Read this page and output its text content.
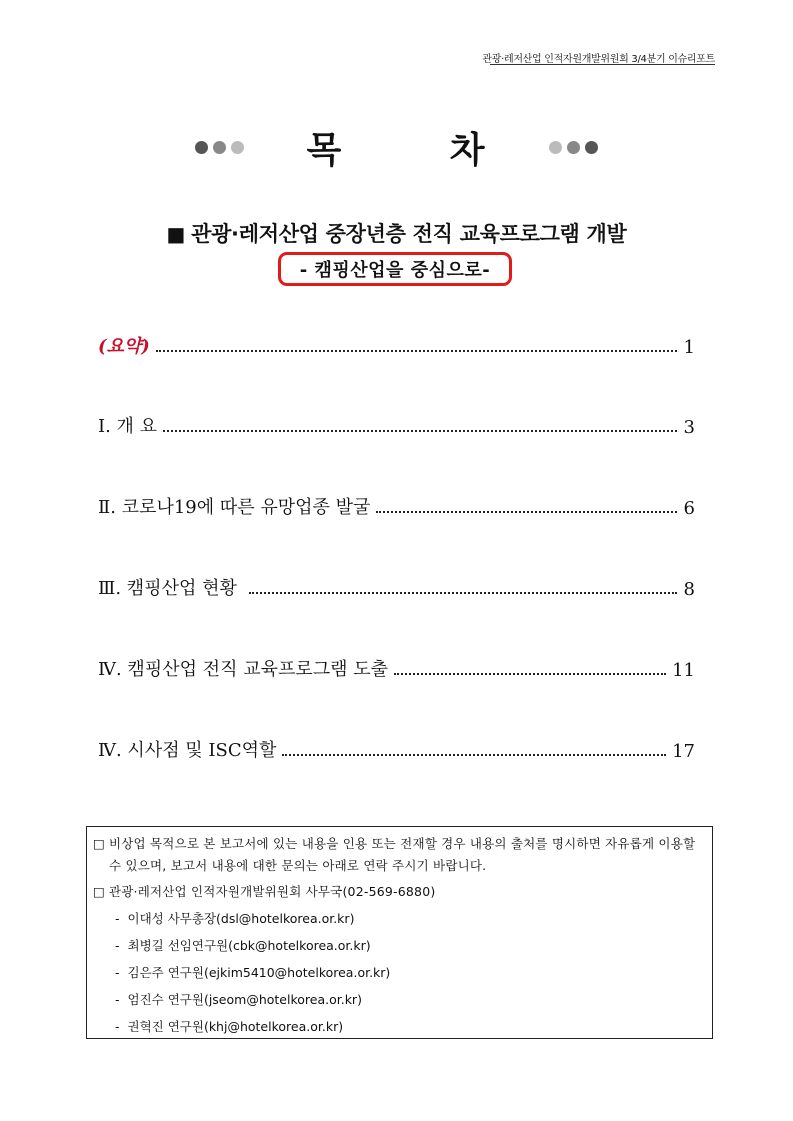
관광·레저산업 인적자원개발위원회 3/4분기 이슈리포트
목 차
■ 관광·레저산업 중장년층 전직 교육프로그램 개발
- 캠핑산업을 중심으로-
(요약)	1
Ⅰ. 개 요	3
Ⅱ. 코로나19에 따른 유망업종 발굴	6
Ⅲ. 캠핑산업 현황	8
Ⅳ. 캠핑산업 전직 교육프로그램 도출	11
Ⅳ. 시사점 및 ISC역할	17
□ 비상업 목적으로 본 보고서에 있는 내용을 인용 또는 전재할 경우 내용의 출처를 명시하면 자유롭게 이용할 수 있으며, 보고서 내용에 대한 문의는 아래로 연락 주시기 바랍니다.
□ 관광·레저산업 인적자원개발위원회 사무국(02-569-6880)
- 이대성 사무총장(dsl@hotelkorea.or.kr)
- 최병길 선임연구원(cbk@hotelkorea.or.kr)
- 김은주 연구원(ejkim5410@hotelkorea.or.kr)
- 엄진수 연구원(jseom@hotelkorea.or.kr)
- 권혁진 연구원(khj@hotelkorea.or.kr)
